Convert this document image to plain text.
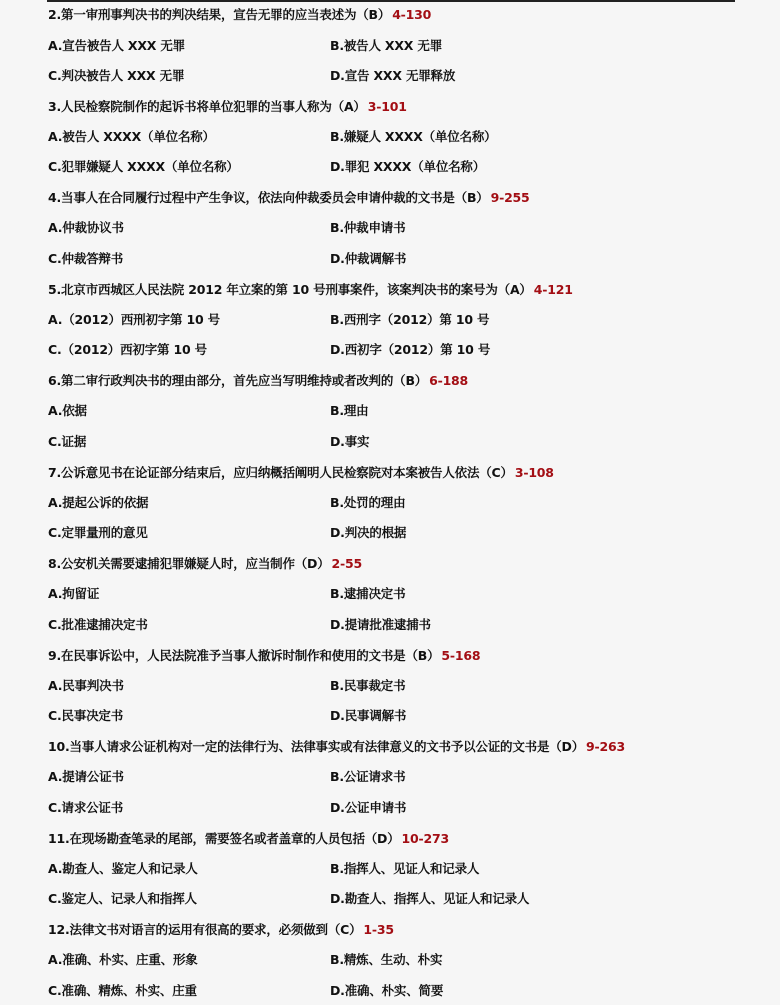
2.第一审刑事判决书的判决结果，宣告无罪的应当表述为（B） 4-130
A.宣告被告人 XXX 无罪	B.被告人 XXX 无罪
C.判决被告人 XXX 无罪	D.宣告 XXX 无罪释放
3.人民检察院制作的起诉书将单位犯罪的当事人称为（A） 3-101
A.被告人 XXXX（单位名称）	B.嫌疑人 XXXX（单位名称）
C.犯罪嫌疑人 XXXX（单位名称）	D.罪犯 XXXX（单位名称）
4.当事人在合同履行过程中产生争议，依法向仲裁委员会申请仲裁的文书是（B） 9-255
A.仲裁协议书	B.仲裁申请书
C.仲裁答辩书	D.仲裁调解书
5.北京市西城区人民法院 2012 年立案的第 10 号刑事案件，该案判决书的案号为（A） 4-121
A.（2012）西刑初字第 10 号	B.西刑字（2012）第 10 号
C.（2012）西初字第 10 号	D.西初字（2012）第 10 号
6.第二审行政判决书的理由部分，首先应当写明维持或者改判的（B） 6-188
A.依据	B.理由
C.证据	D.事实
7.公诉意见书在论证部分结束后，应归纳概括阐明人民检察院对本案被告人依法（C） 3-108
A.提起公诉的依据	B.处罚的理由
C.定罪量刑的意见	D.判决的根据
8.公安机关需要逮捕犯罪嫌疑人时，应当制作（D） 2-55
A.拘留证	B.逮捕决定书
C.批准逮捕决定书	D.提请批准逮捕书
9.在民事诉讼中，人民法院准予当事人撤诉时制作和使用的文书是（B） 5-168
A.民事判决书	B.民事裁定书
C.民事决定书	D.民事调解书
10.当事人请求公证机构对一定的法律行为、法律事实或有法律意义的文书予以公证的文书是（D） 9-263
A.提请公证书	B.公证请求书
C.请求公证书	D.公证申请书
11.在现场勘查笔录的尾部，需要签名或者盖章的人员包括（D） 10-273
A.勘查人、鉴定人和记录人	B.指挥人、见证人和记录人
C.鉴定人、记录人和指挥人	D.勘查人、指挥人、见证人和记录人
12.法律文书对语言的运用有很高的要求，必须做到（C） 1-35
A.准确、朴实、庄重、形象	B.精炼、生动、朴实
C.准确、精炼、朴实、庄重	D.准确、朴实、简要
